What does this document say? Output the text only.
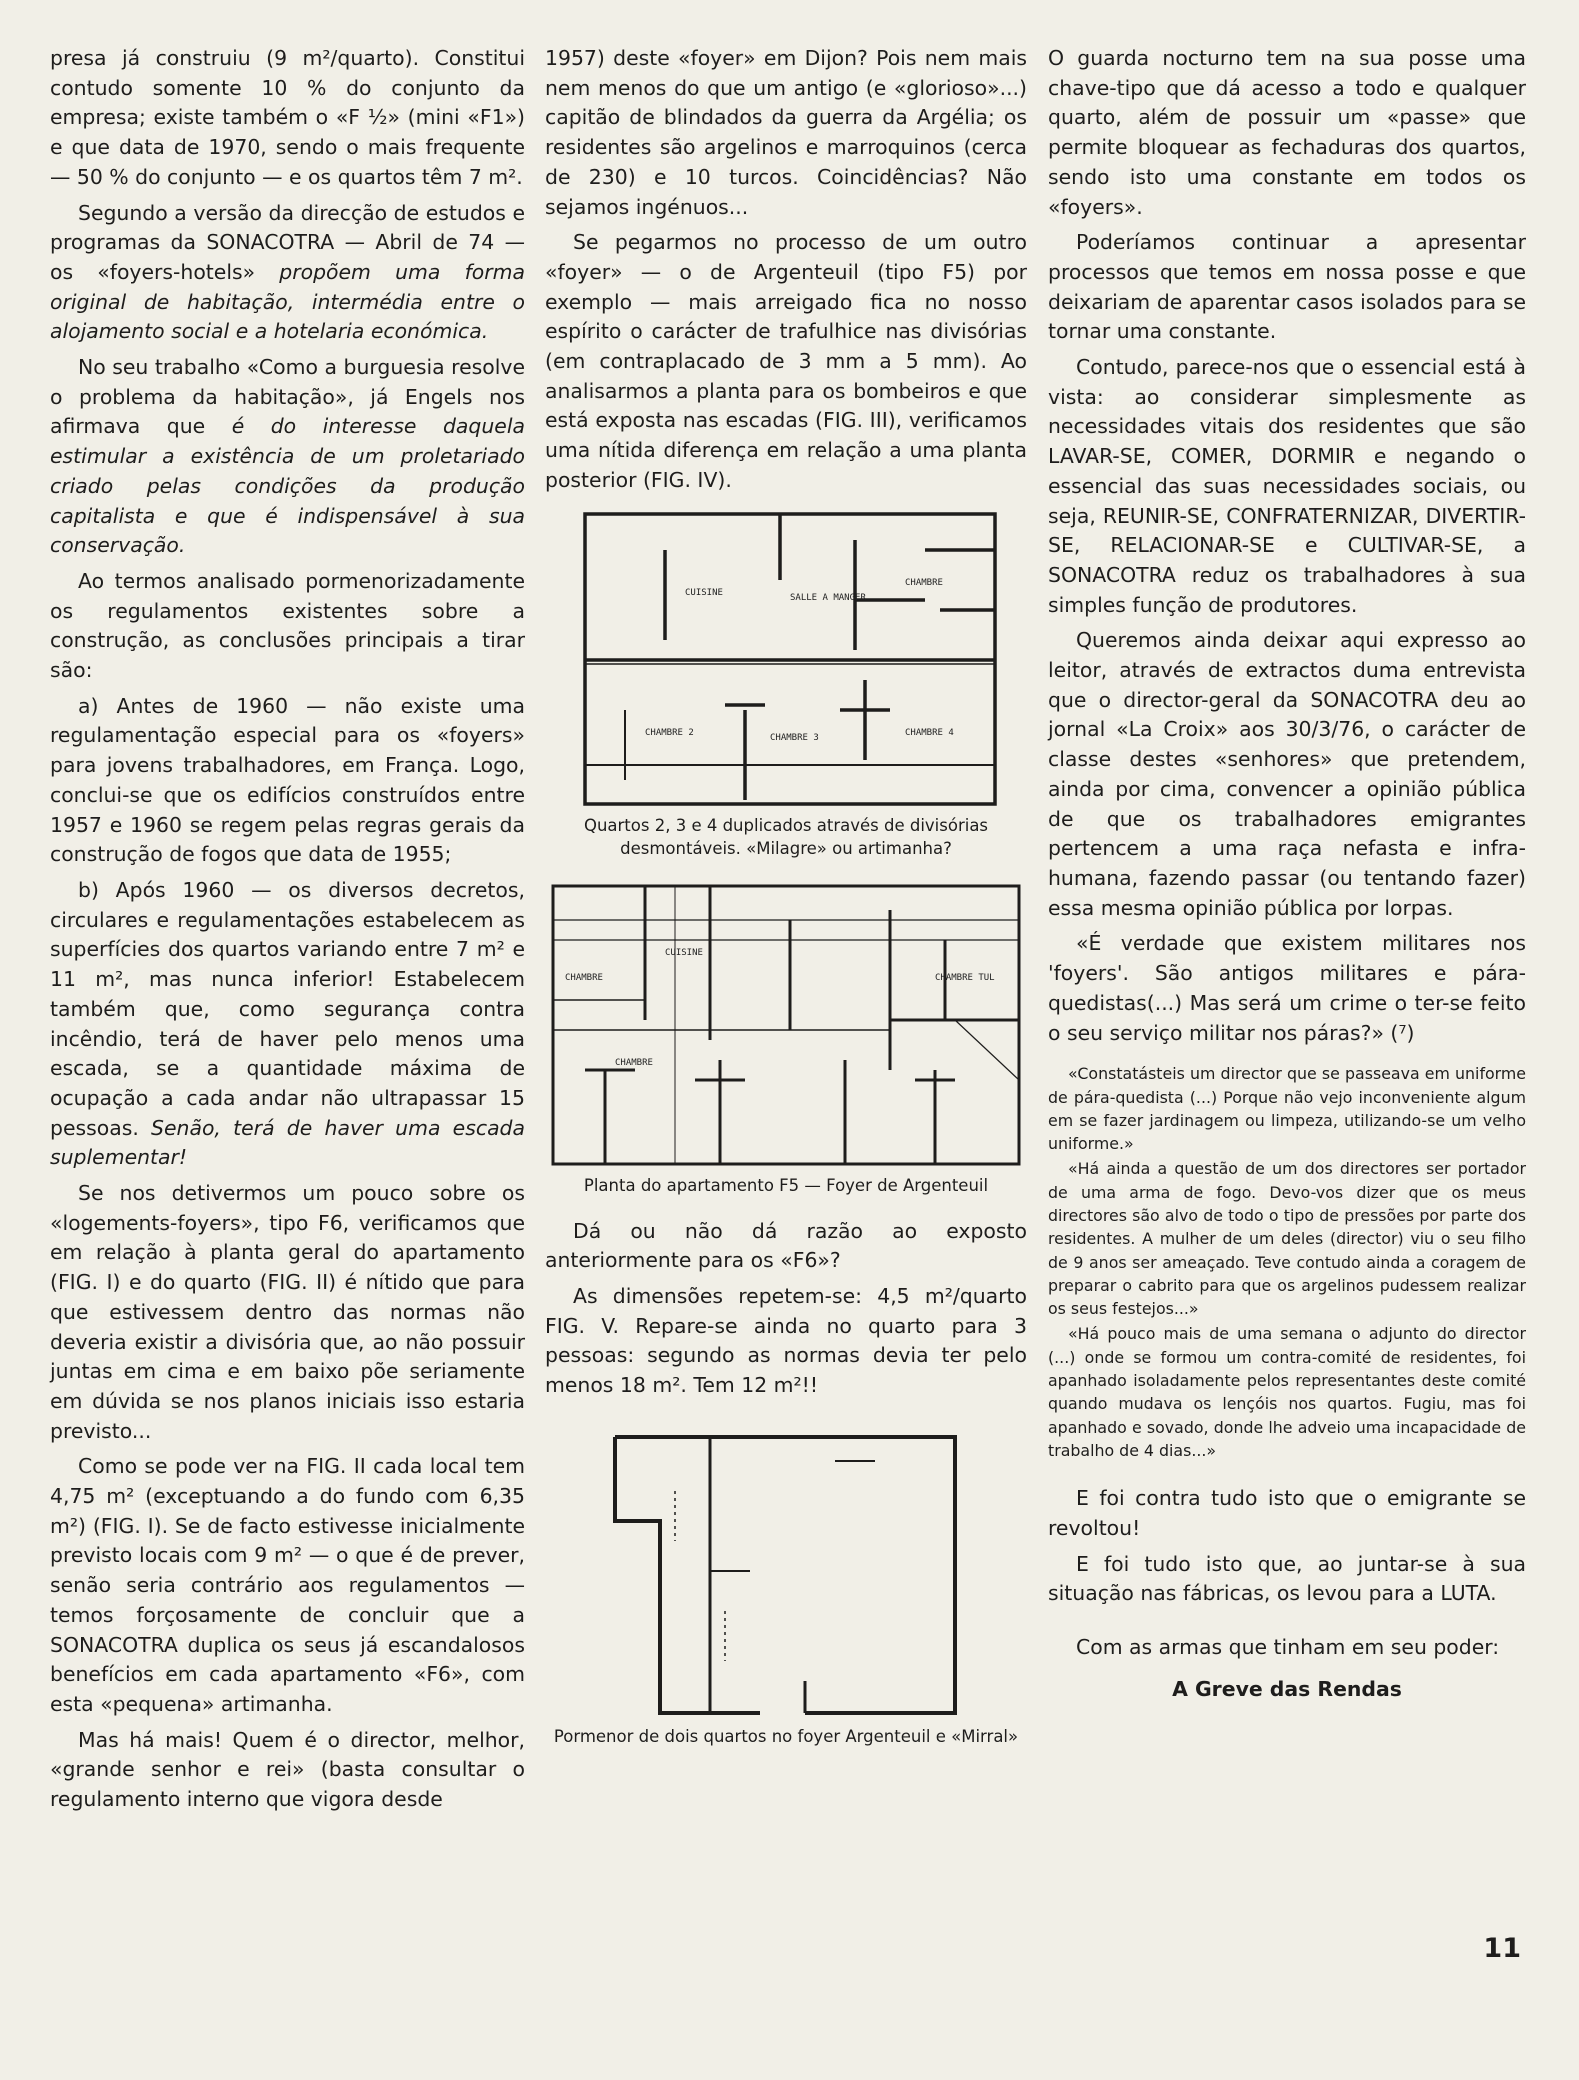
presa já construiu (9 m²/quarto). Constitui contudo somente 10 % do conjunto da empresa; existe também o «F ½» (mini «F1») e que data de 1970, sendo o mais frequente — 50 % do conjunto — e os quartos têm 7 m².

Segundo a versão da direcção de estudos e programas da SONACOTRA — Abril de 74 — os «foyers-hotels» propõem uma forma original de habitação, intermédia entre o alojamento social e a hotelaria económica.

No seu trabalho «Como a burguesia resolve o problema da habitação», já Engels nos afirmava que é do interesse daquela estimular a existência de um proletariado criado pelas condições da produção capitalista e que é indispensável à sua conservação.

Ao termos analisado pormenorizadamente os regulamentos existentes sobre a construção, as conclusões principais a tirar são:

a) Antes de 1960 — não existe uma regulamentação especial para os «foyers» para jovens trabalhadores, em França. Logo, conclui-se que os edifícios construídos entre 1957 e 1960 se regem pelas regras gerais da construção de fogos que data de 1955;

b) Após 1960 — os diversos decretos, circulares e regulamentações estabelecem as superfícies dos quartos variando entre 7 m² e 11 m², mas nunca inferior! Estabelecem também que, como segurança contra incêndio, terá de haver pelo menos uma escada, se a quantidade máxima de ocupação a cada andar não ultrapassar 15 pessoas. Senão, terá de haver uma escada suplementar!

Se nos detivermos um pouco sobre os «logements-foyers», tipo F6, verificamos que em relação à planta geral do apartamento (FIG. I) e do quarto (FIG. II) é nítido que para que estivessem dentro das normas não deveria existir a divisória que, ao não possuir juntas em cima e em baixo põe seriamente em dúvida se nos planos iniciais isso estaria previsto...

Como se pode ver na FIG. II cada local tem 4,75 m² (exceptuando a do fundo com 6,35 m²) (FIG. I). Se de facto estivesse inicialmente previsto locais com 9 m² — o que é de prever, senão seria contrário aos regulamentos — temos forçosamente de concluir que a SONACOTRA duplica os seus já escandalosos benefícios em cada apartamento «F6», com esta «pequena» artimanha.

Mas há mais! Quem é o director, melhor, «grande senhor e rei» (basta consultar o regulamento interno que vigora desde

1957) deste «foyer» em Dijon? Pois nem mais nem menos do que um antigo (e «glorioso»...) capitão de blindados da guerra da Argélia; os residentes são argelinos e marroquinos (cerca de 230) e 10 turcos. Coincidências? Não sejamos ingénuos...

Se pegarmos no processo de um outro «foyer» — o de Argenteuil (tipo F5) por exemplo — mais arreigado fica no nosso espírito o carácter de trafulhice nas divisórias (em contraplacado de 3 mm a 5 mm). Ao analisarmos a planta para os bombeiros e que está exposta nas escadas (FIG. III), verificamos uma nítida diferença em relação a uma planta posterior (FIG. IV).

CUISINE	SALLE A MANGER
CHAMBRE
CHAMBRE 2	CHAMBRE 3	CHAMBRE 4
Quartos 2, 3 e 4 duplicados através de divisórias desmontáveis. «Milagre» ou artimanha?
CUISINE
CHAMBRE
CHAMBRE
CHAMBRE TUL
Planta do apartamento F5 — Foyer de Argenteuil

Dá ou não dá razão ao exposto anteriormente para os «F6»?

As dimensões repetem-se: 4,5 m²/quarto FIG. V. Repare-se ainda no quarto para 3 pessoas: segundo as normas devia ter pelo menos 18 m². Tem 12 m²!!

Pormenor de dois quartos no foyer Argenteuil e «Mirral»

O guarda nocturno tem na sua posse uma chave-tipo que dá acesso a todo e qualquer quarto, além de possuir um «passe» que permite bloquear as fechaduras dos quartos, sendo isto uma constante em todos os «foyers».

Poderíamos continuar a apresentar processos que temos em nossa posse e que deixariam de aparentar casos isolados para se tornar uma constante.

Contudo, parece-nos que o essencial está à vista: ao considerar simplesmente as necessidades vitais dos residentes que são LAVAR-SE, COMER, DORMIR e negando o essencial das suas necessidades sociais, ou seja, REUNIR-SE, CONFRATERNIZAR, DIVERTIR-SE, RELACIONAR-SE e CULTIVAR-SE, a SONACOTRA reduz os trabalhadores à sua simples função de produtores.

Queremos ainda deixar aqui expresso ao leitor, através de extractos duma entrevista que o director-geral da SONACOTRA deu ao jornal «La Croix» aos 30/3/76, o carácter de classe destes «senhores» que pretendem, ainda por cima, convencer a opinião pública de que os trabalhadores emigrantes pertencem a uma raça nefasta e infra-humana, fazendo passar (ou tentando fazer) essa mesma opinião pública por lorpas.

«É verdade que existem militares nos 'foyers'. São antigos militares e pára-quedistas(...) Mas será um crime o ter-se feito o seu serviço militar nos páras?» (⁷)

«Constatásteis um director que se passeava em uniforme de pára-quedista (...) Porque não vejo inconveniente algum em se fazer jardinagem ou limpeza, utilizando-se um velho uniforme.»

«Há ainda a questão de um dos directores ser portador de uma arma de fogo. Devo-vos dizer que os meus directores são alvo de todo o tipo de pressões por parte dos residentes. A mulher de um deles (director) viu o seu filho de 9 anos ser ameaçado. Teve contudo ainda a coragem de preparar o cabrito para que os argelinos pudessem realizar os seus festejos...»

«Há pouco mais de uma semana o adjunto do director (...) onde se formou um contra-comité de residentes, foi apanhado isoladamente pelos representantes deste comité quando mudava os lençóis nos quartos. Fugiu, mas foi apanhado e sovado, donde lhe adveio uma incapacidade de trabalho de 4 dias...»

E foi contra tudo isto que o emigrante se revoltou!

E foi tudo isto que, ao juntar-se à sua situação nas fábricas, os levou para a LUTA.

Com as armas que tinham em seu poder:

A Greve das Rendas
11
